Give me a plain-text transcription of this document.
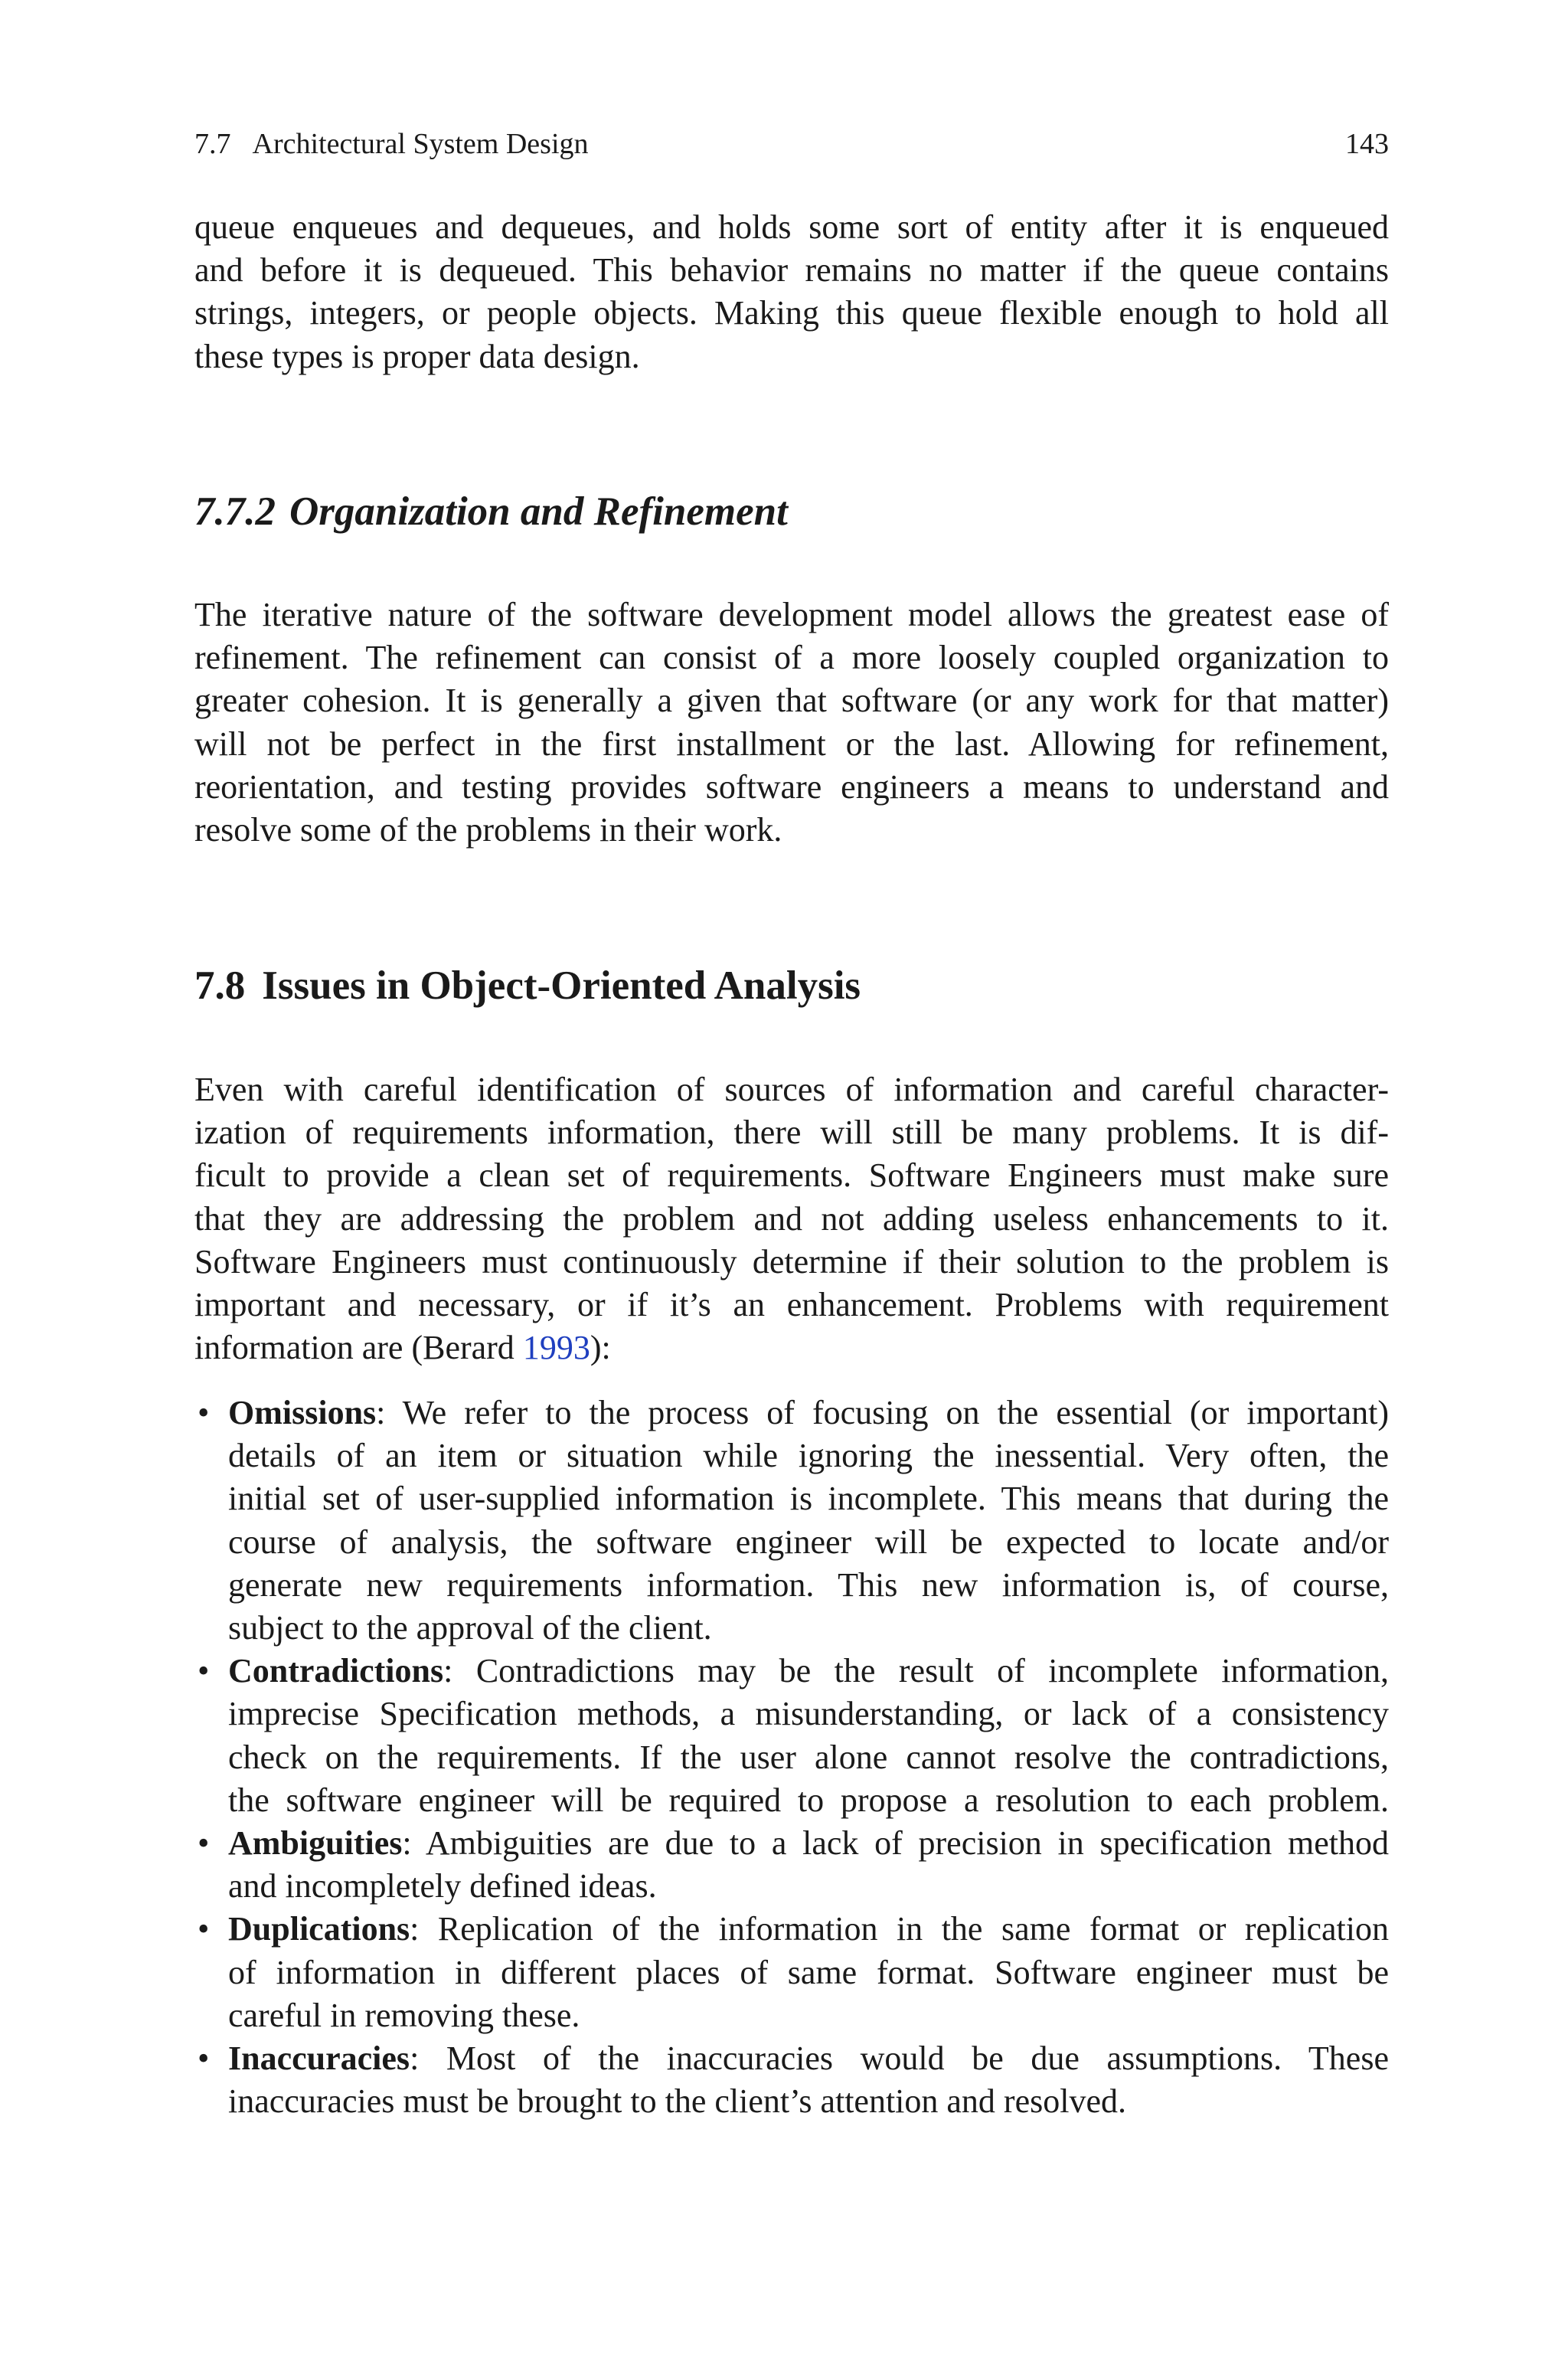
7.7 Architectural System Design	143

queue enqueues and dequeues, and holds some sort of entity after it is enqueued
and before it is dequeued. This behavior remains no matter if the queue contains
strings, integers, or people objects. Making this queue flexible enough to hold all
these types is proper data design.

7.7.2 Organization and Refinement

The iterative nature of the software development model allows the greatest ease of
refinement. The refinement can consist of a more loosely coupled organization to
greater cohesion. It is generally a given that software (or any work for that matter)
will not be perfect in the first installment or the last. Allowing for refinement,
reorientation, and testing provides software engineers a means to understand and
resolve some of the problems in their work.

7.8 Issues in Object-Oriented Analysis

Even with careful identification of sources of information and careful character-
ization of requirements information, there will still be many problems. It is dif-
ficult to provide a clean set of requirements. Software Engineers must make sure
that they are addressing the problem and not adding useless enhancements to it.
Software Engineers must continuously determine if their solution to the problem is
important and necessary, or if it’s an enhancement. Problems with requirement
information are (Berard 1993):

• Omissions: We refer to the process of focusing on the essential (or important)
details of an item or situation while ignoring the inessential. Very often, the
initial set of user-supplied information is incomplete. This means that during the
course of analysis, the software engineer will be expected to locate and/or
generate new requirements information. This new information is, of course,
subject to the approval of the client.
• Contradictions: Contradictions may be the result of incomplete information,
imprecise Specification methods, a misunderstanding, or lack of a consistency
check on the requirements. If the user alone cannot resolve the contradictions,
the software engineer will be required to propose a resolution to each problem.
• Ambiguities: Ambiguities are due to a lack of precision in specification method
and incompletely defined ideas.
• Duplications: Replication of the information in the same format or replication
of information in different places of same format. Software engineer must be
careful in removing these.
• Inaccuracies: Most of the inaccuracies would be due assumptions. These
inaccuracies must be brought to the client’s attention and resolved.
